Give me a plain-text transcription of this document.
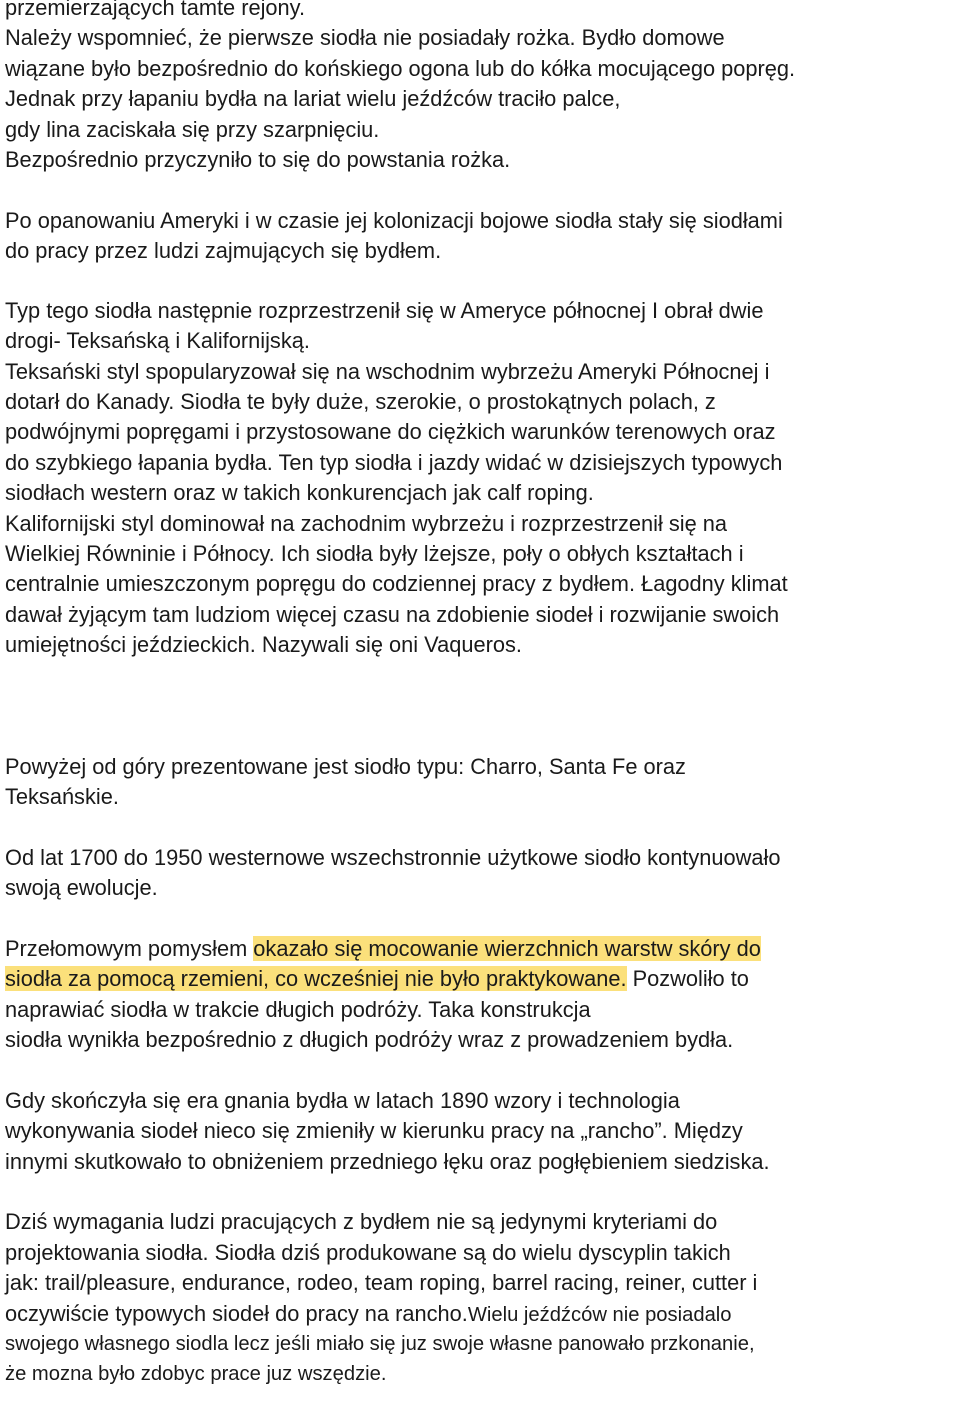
przemierzających tamte rejony.
Należy wspomnieć, że pierwsze siodła nie posiadały rożka. Bydło domowe
wiązane było bezpośrednio do końskiego ogona lub do kółka mocującego popręg.
Jednak przy łapaniu bydła na lariat wielu jeźdźców traciło palce,
gdy lina zaciskała się przy szarpnięciu.
Bezpośrednio przyczyniło to się do powstania rożka.
Po opanowaniu Ameryki i w czasie jej kolonizacji bojowe siodła stały się siodłami
do pracy przez ludzi zajmujących się bydłem.
Typ tego siodła następnie rozprzestrzenił się w Ameryce północnej I obrał dwie
drogi- Teksańską i Kalifornijską.
Teksański styl spopularyzował się na wschodnim wybrzeżu Ameryki Północnej i
dotarł do Kanady. Siodła te były duże, szerokie, o prostokątnych polach, z
podwójnymi popręgami i przystosowane do ciężkich warunków terenowych oraz
do szybkiego łapania bydła. Ten typ siodła i jazdy widać w dzisiejszych typowych
siodłach western oraz w takich konkurencjach jak calf roping.
Kalifornijski styl dominował na zachodnim wybrzeżu i rozprzestrzenił się na
Wielkiej Równinie i Północy. Ich siodła były lżejsze, poły o obłych kształtach i
centralnie umieszczonym popręgu do codziennej pracy z bydłem. Łagodny klimat
dawał żyjącym tam ludziom więcej czasu na zdobienie siodeł i rozwijanie swoich
umiejętności jeździeckich. Nazywali się oni Vaqueros.
Powyżej od góry prezentowane jest siodło typu: Charro, Santa Fe oraz
Teksańskie.
Od lat 1700 do 1950 westernowe wszechstronnie użytkowe siodło kontynuowało
swoją ewolucje.
Przełomowym pomysłem okazało się mocowanie wierzchnich warstw skóry do
siodła za pomocą rzemieni, co wcześniej nie było praktykowane. Pozwoliło to
naprawiać siodła w trakcie długich podróży. Taka konstrukcja
siodła wynikła bezpośrednio z długich podróży wraz z prowadzeniem bydła.
Gdy skończyła się era gnania bydła w latach 1890 wzory i technologia
wykonywania siodeł nieco się zmieniły w kierunku pracy na „rancho”. Między
innymi skutkowało to obniżeniem przedniego łęku oraz pogłębieniem siedziska.
Dziś wymagania ludzi pracujących z bydłem nie są jedynymi kryteriami do
projektowania siodła. Siodła dziś produkowane są do wielu dyscyplin takich
jak: trail/pleasure, endurance, rodeo, team roping, barrel racing, reiner, cutter i
oczywiście typowych siodeł do pracy na rancho.Wielu jeźdźców nie posiadalo
swojego własnego siodla lecz jeśli miało się juz swoje własne panowało przkonanie,
że mozna było zdobyc prace juz wszędzie.
